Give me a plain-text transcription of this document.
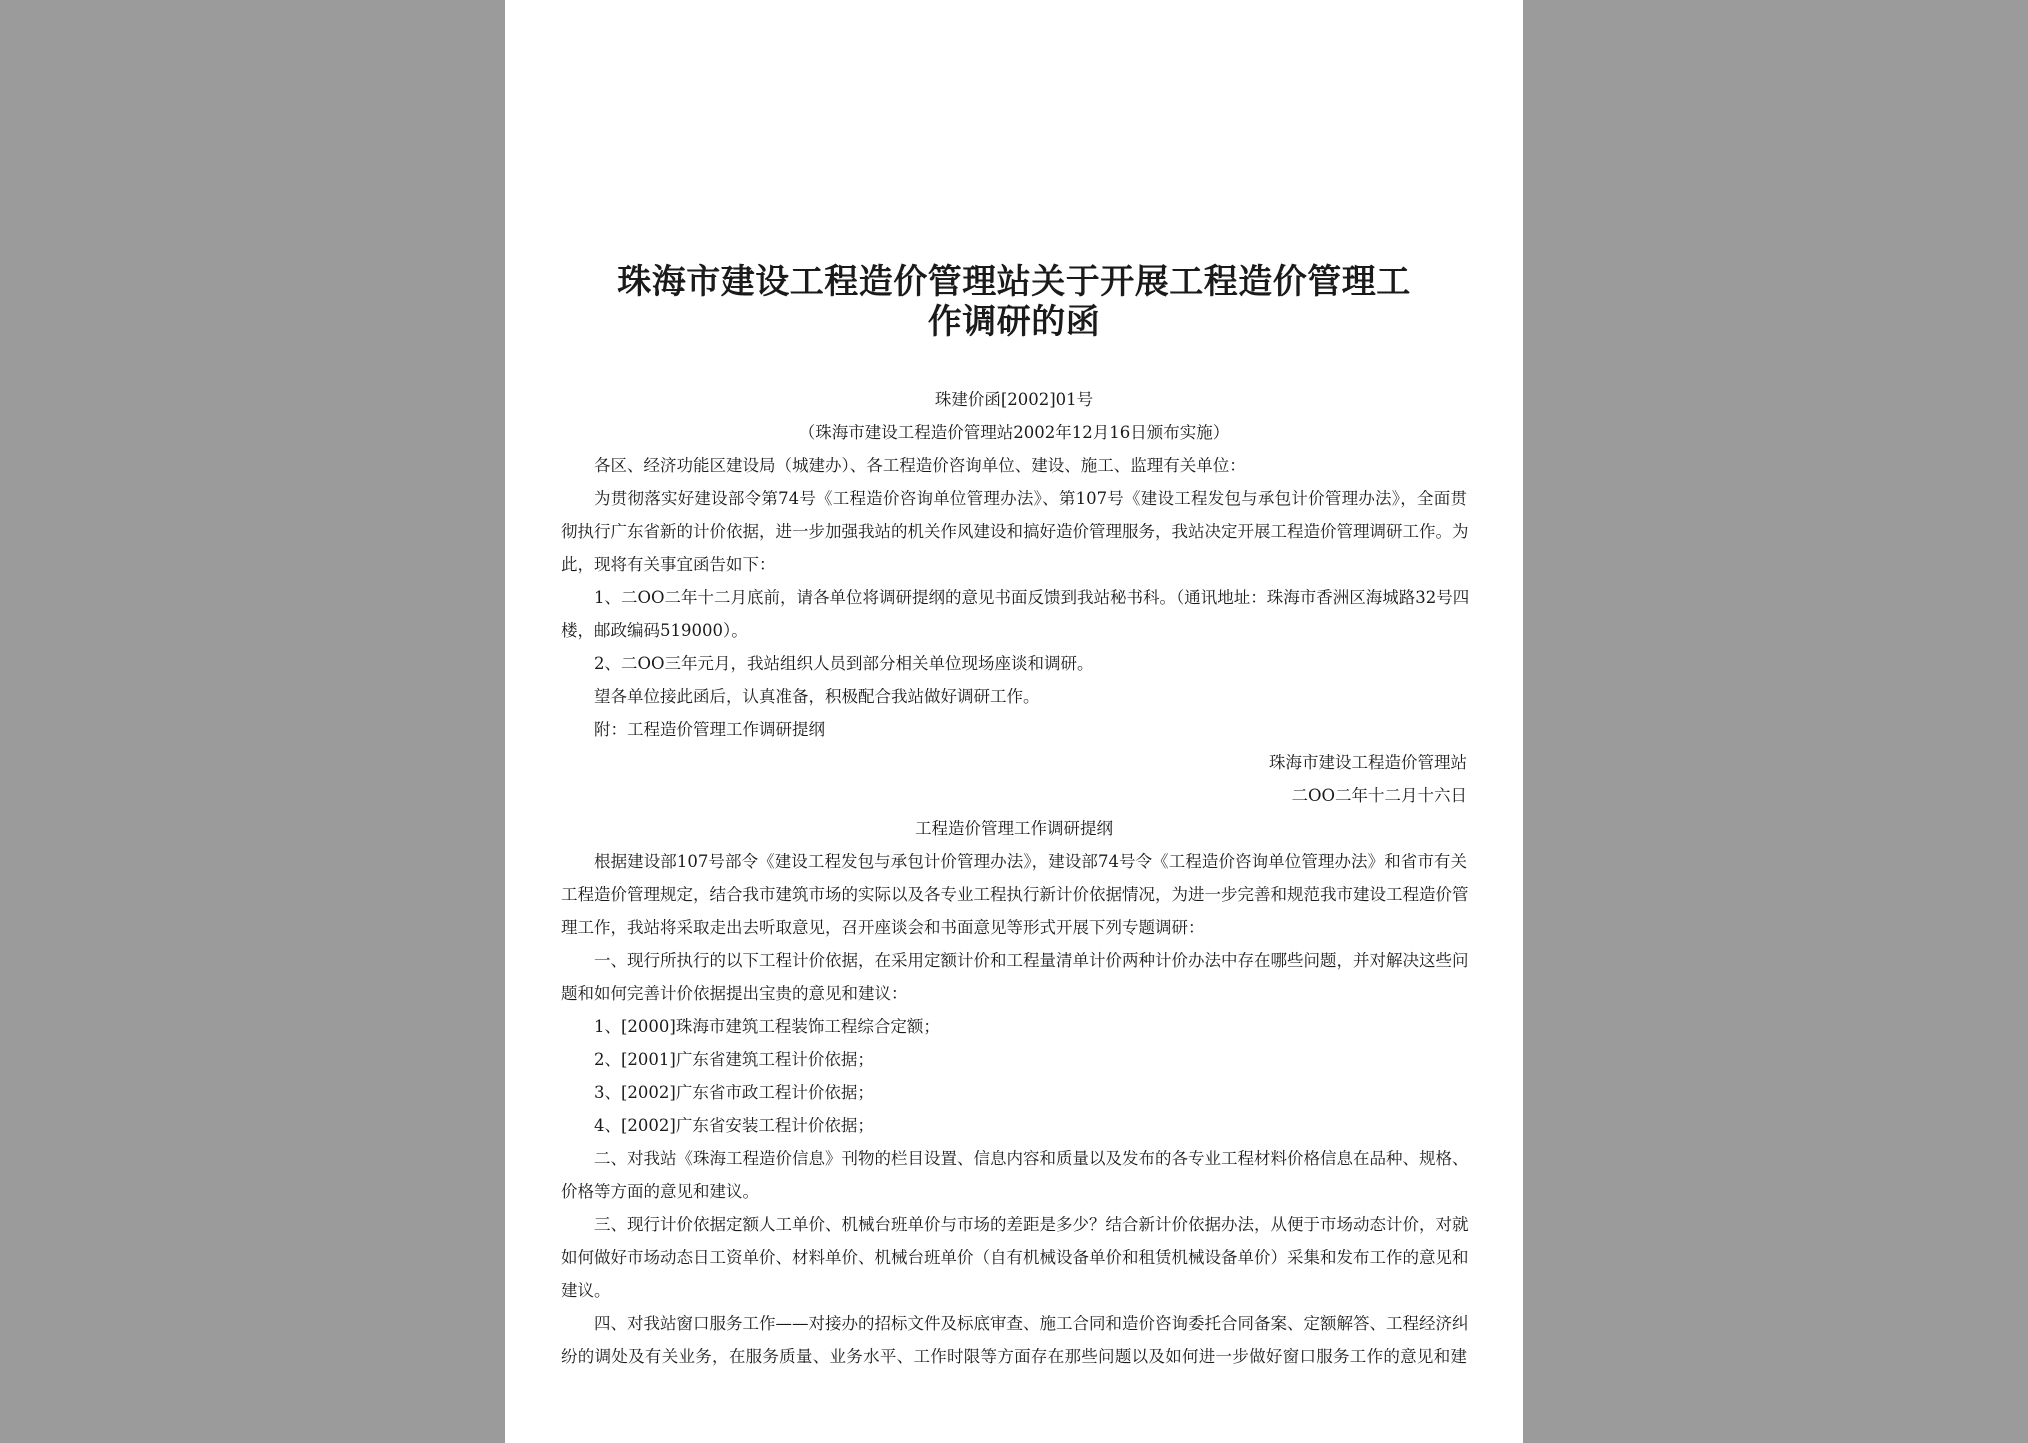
珠海市建设工程造价管理站关于开展工程造价管理工
作调研的函
珠建价函[2002]01号
（珠海市建设工程造价管理站2002年12月16日颁布实施）
各区、经济功能区建设局（城建办）、各工程造价咨询单位、建设、施工、监理有关单位：
为贯彻落实好建设部令第74号《工程造价咨询单位管理办法》、第107号《建设工程发包与承包计价管理办法》，全面贯
彻执行广东省新的计价依据，进一步加强我站的机关作风建设和搞好造价管理服务，我站决定开展工程造价管理调研工作。为
此，现将有关事宜函告如下：
1、二OO二年十二月底前，请各单位将调研提纲的意见书面反馈到我站秘书科。（通讯地址：珠海市香洲区海城路32号四
楼，邮政编码519000）。
2、二OO三年元月，我站组织人员到部分相关单位现场座谈和调研。
望各单位接此函后，认真准备，积极配合我站做好调研工作。
附：工程造价管理工作调研提纲
珠海市建设工程造价管理站
二OO二年十二月十六日
工程造价管理工作调研提纲
根据建设部107号部令《建设工程发包与承包计价管理办法》，建设部74号令《工程造价咨询单位管理办法》和省市有关
工程造价管理规定，结合我市建筑市场的实际以及各专业工程执行新计价依据情况，为进一步完善和规范我市建设工程造价管
理工作，我站将采取走出去听取意见，召开座谈会和书面意见等形式开展下列专题调研：
一、现行所执行的以下工程计价依据，在采用定额计价和工程量清单计价两种计价办法中存在哪些问题，并对解决这些问
题和如何完善计价依据提出宝贵的意见和建议：
1、[2000]珠海市建筑工程装饰工程综合定额；
2、[2001]广东省建筑工程计价依据；
3、[2002]广东省市政工程计价依据；
4、[2002]广东省安装工程计价依据；
二、对我站《珠海工程造价信息》刊物的栏目设置、信息内容和质量以及发布的各专业工程材料价格信息在品种、规格、
价格等方面的意见和建议。
三、现行计价依据定额人工单价、机械台班单价与市场的差距是多少？结合新计价依据办法，从便于市场动态计价，对就
如何做好市场动态日工资单价、材料单价、机械台班单价（自有机械设备单价和租赁机械设备单价）采集和发布工作的意见和
建议。
四、对我站窗口服务工作——对接办的招标文件及标底审查、施工合同和造价咨询委托合同备案、定额解答、工程经济纠
纷的调处及有关业务，在服务质量、业务水平、工作时限等方面存在那些问题以及如何进一步做好窗口服务工作的意见和建
